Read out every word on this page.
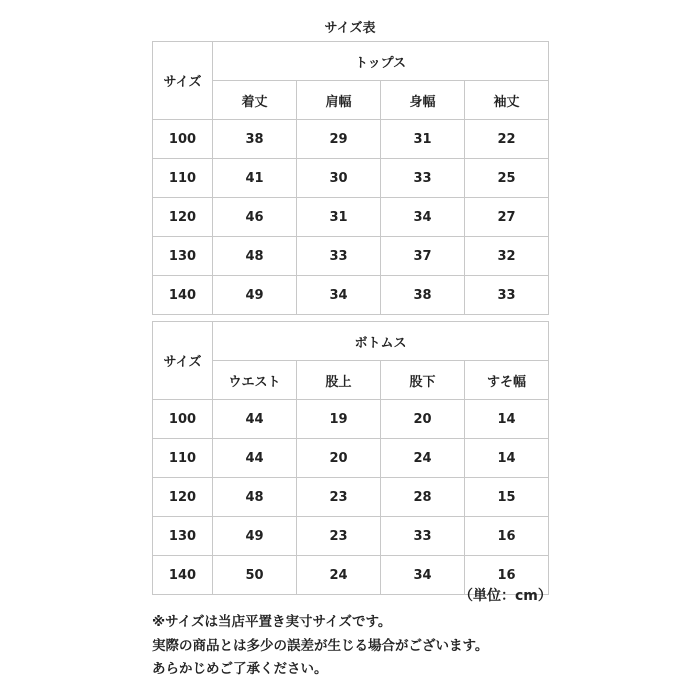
サイズ表
サイズ	トップス			
	着丈	肩幅	身幅	袖丈
100	38	29	31	22
110	41	30	33	25
120	46	31	34	27
130	48	33	37	32
140	49	34	38	33
サイズ	ボトムス			
	ウエスト	股上	股下	すそ幅
100	44	19	20	14
110	44	20	24	14
120	48	23	28	15
130	49	23	33	16
140	50	24	34	16
（単位：cm）
※サイズは当店平置き実寸サイズです。
実際の商品とは多少の誤差が生じる場合がございます。
あらかじめご了承ください。
